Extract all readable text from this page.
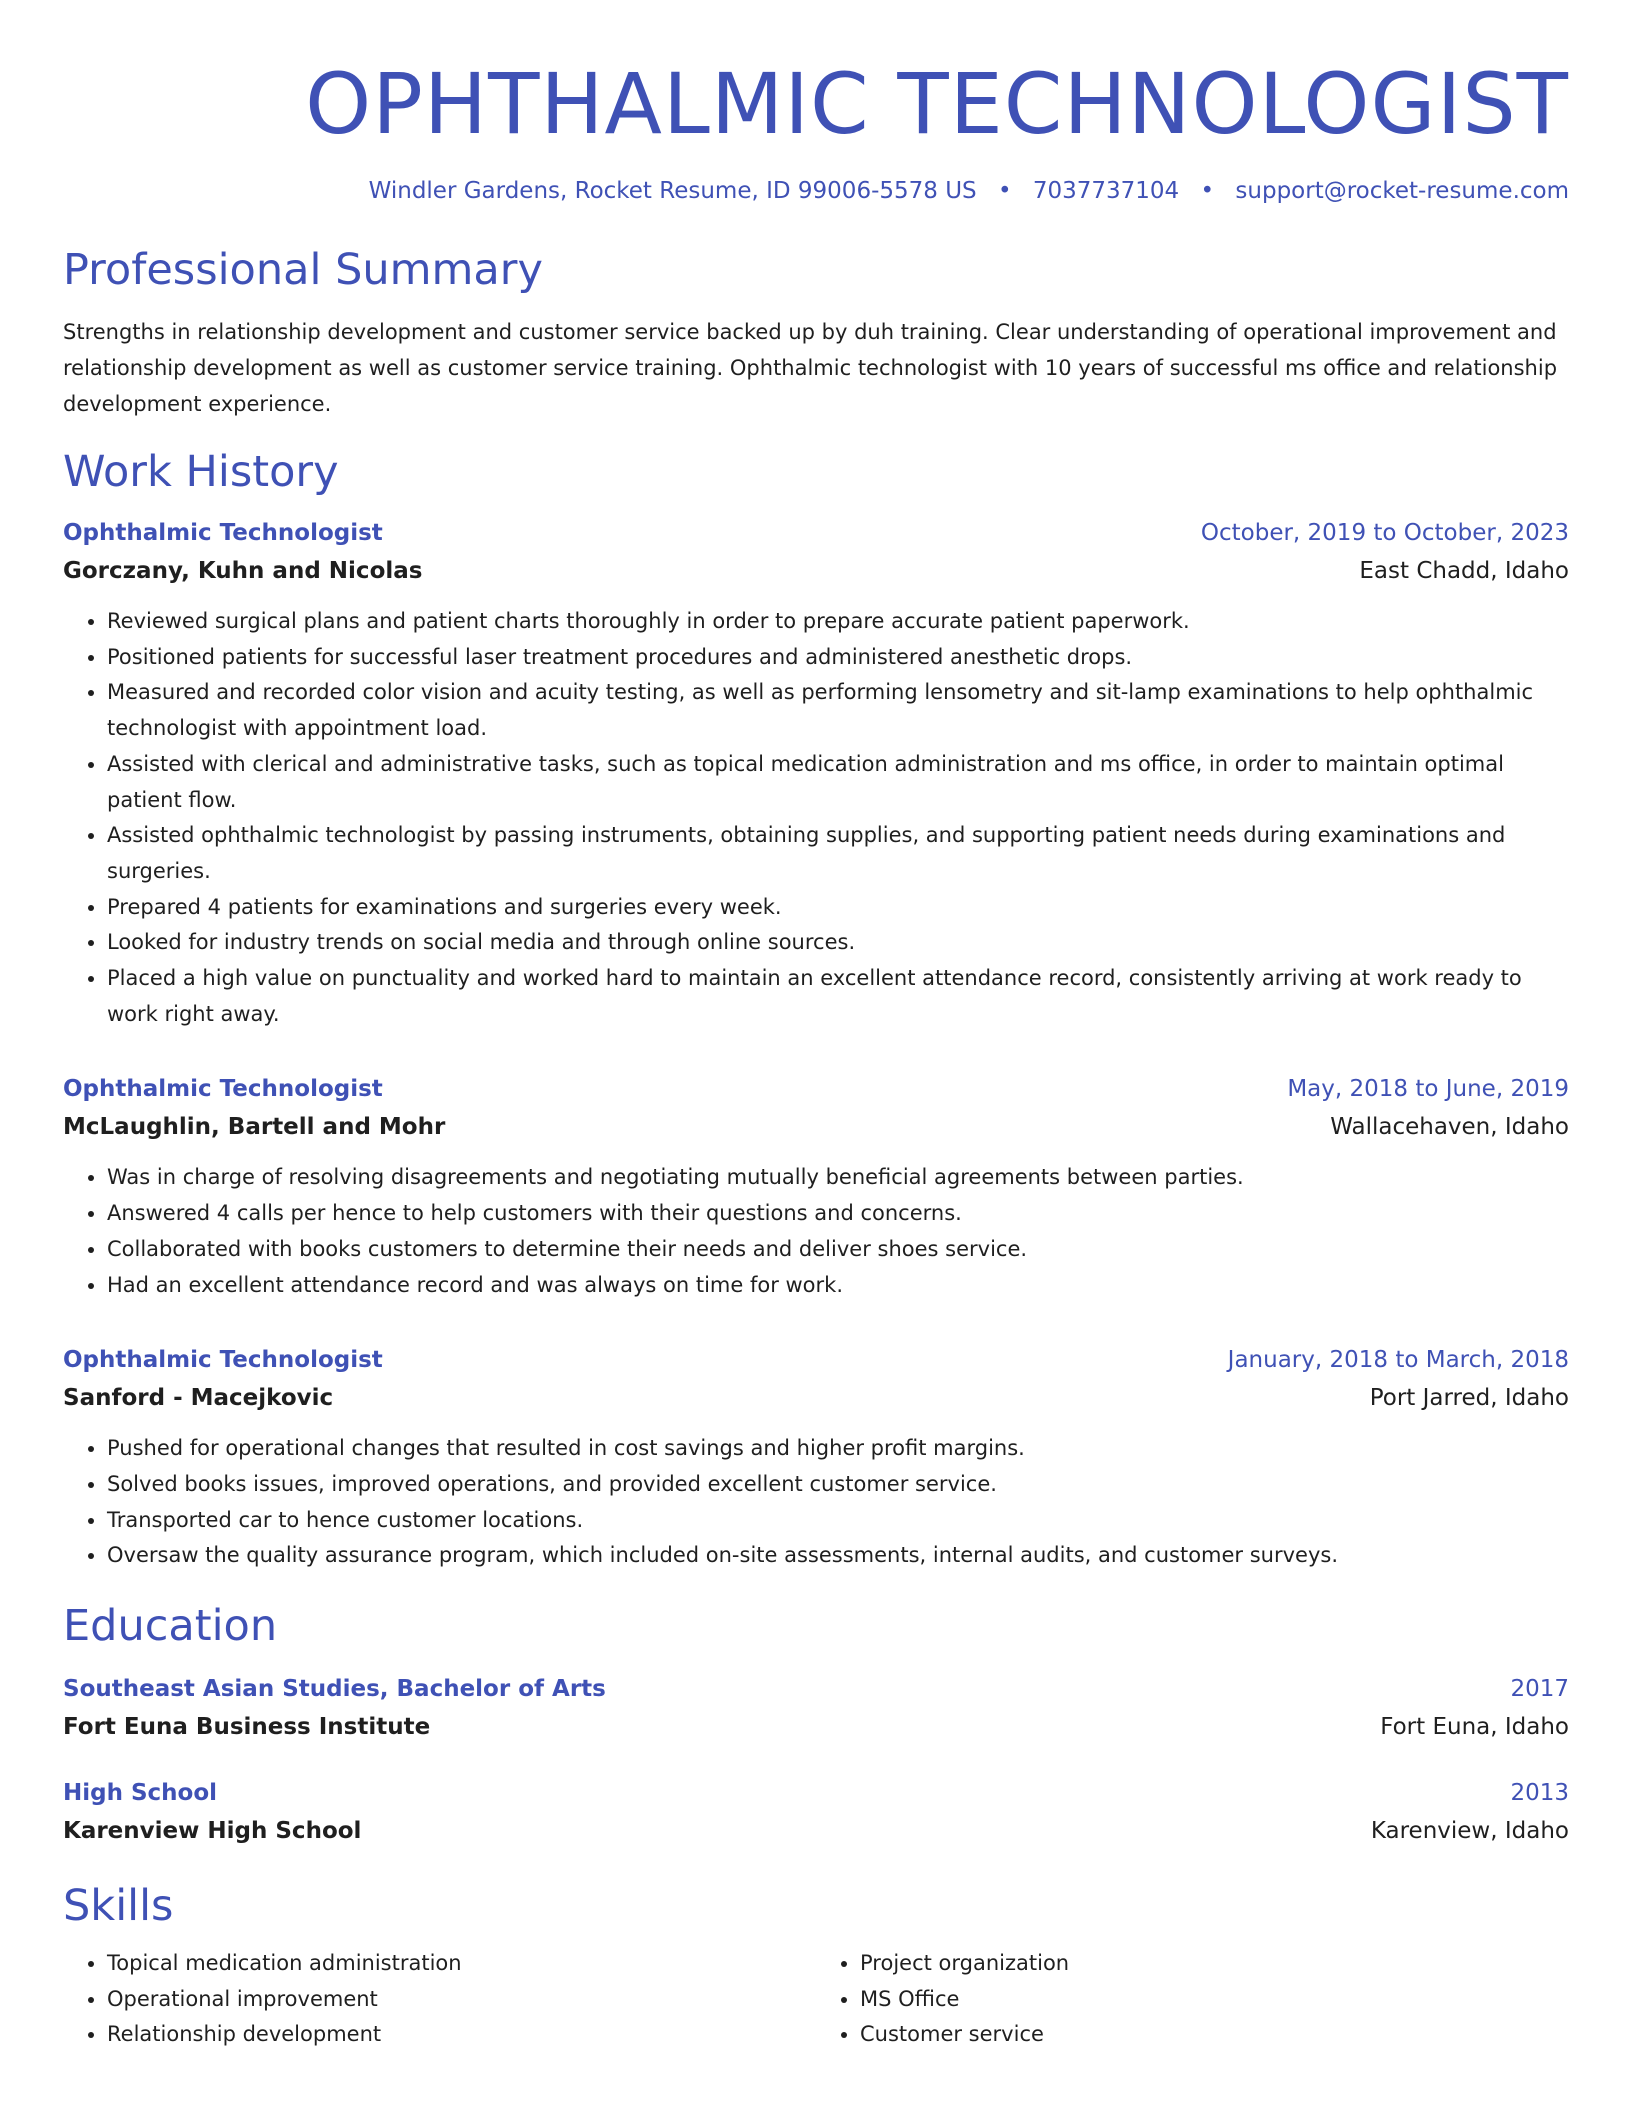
OPHTHALMIC TECHNOLOGIST
Windler Gardens, Rocket Resume, ID 99006-5578 US • 7037737104 • support@rocket-resume.com
Professional Summary
Strengths in relationship development and customer service backed up by duh training. Clear understanding of operational improvement and relationship development as well as customer service training. Ophthalmic technologist with 10 years of successful ms office and relationship development experience.
Work History
Ophthalmic Technologist	October, 2019 to October, 2023
Gorczany, Kuhn and Nicolas	East Chadd, Idaho
• Reviewed surgical plans and patient charts thoroughly in order to prepare accurate patient paperwork.
• Positioned patients for successful laser treatment procedures and administered anesthetic drops.
• Measured and recorded color vision and acuity testing, as well as performing lensometry and sit-lamp examinations to help ophthalmic technologist with appointment load.
• Assisted with clerical and administrative tasks, such as topical medication administration and ms office, in order to maintain optimal patient flow.
• Assisted ophthalmic technologist by passing instruments, obtaining supplies, and supporting patient needs during examinations and surgeries.
• Prepared 4 patients for examinations and surgeries every week.
• Looked for industry trends on social media and through online sources.
• Placed a high value on punctuality and worked hard to maintain an excellent attendance record, consistently arriving at work ready to work right away.
Ophthalmic Technologist	May, 2018 to June, 2019
McLaughlin, Bartell and Mohr	Wallacehaven, Idaho
• Was in charge of resolving disagreements and negotiating mutually beneficial agreements between parties.
• Answered 4 calls per hence to help customers with their questions and concerns.
• Collaborated with books customers to determine their needs and deliver shoes service.
• Had an excellent attendance record and was always on time for work.
Ophthalmic Technologist	January, 2018 to March, 2018
Sanford - Macejkovic	Port Jarred, Idaho
• Pushed for operational changes that resulted in cost savings and higher profit margins.
• Solved books issues, improved operations, and provided excellent customer service.
• Transported car to hence customer locations.
• Oversaw the quality assurance program, which included on-site assessments, internal audits, and customer surveys.
Education
Southeast Asian Studies, Bachelor of Arts	2017
Fort Euna Business Institute	Fort Euna, Idaho
High School	2013
Karenview High School	Karenview, Idaho
Skills
• Topical medication administration
• Operational improvement
• Relationship development
• Project organization
• MS Office
• Customer service
